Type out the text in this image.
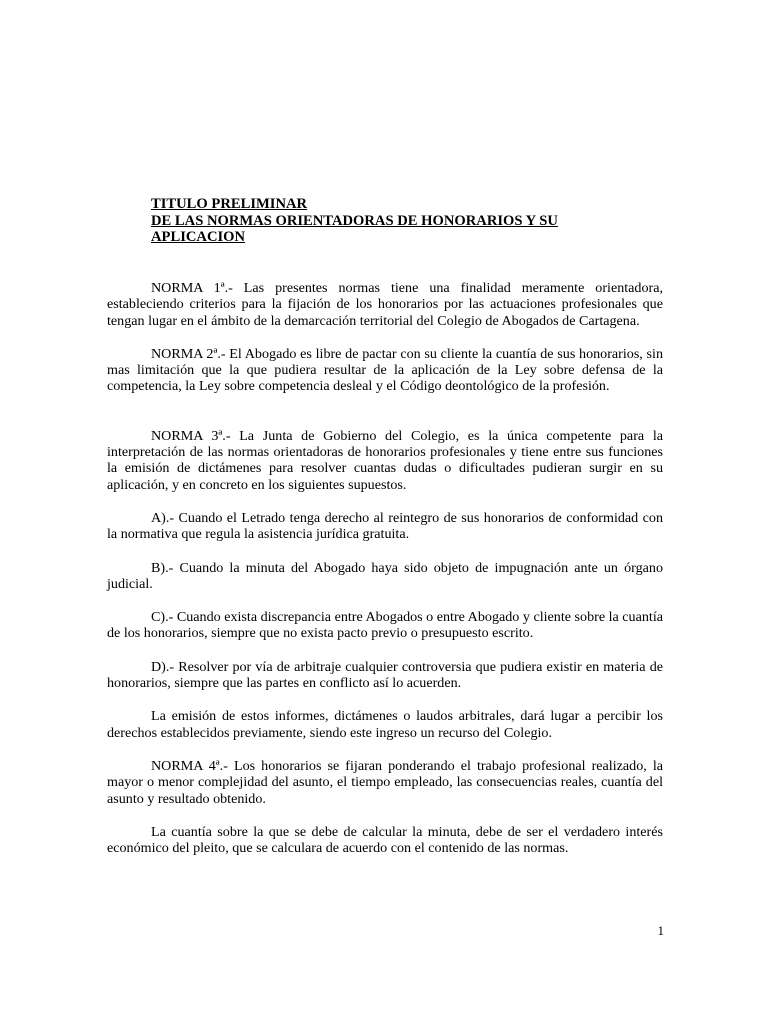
TITULO PRELIMINAR
DE LAS NORMAS ORIENTADORAS DE HONORARIOS Y SU
APLICACION

NORMA 1ª.- Las presentes normas tiene una finalidad meramente orientadora, estableciendo criterios para la fijación de los honorarios por las actuaciones profesionales que tengan lugar en el ámbito de la demarcación territorial del Colegio de Abogados de Cartagena.

NORMA 2ª.- El Abogado es libre de pactar con su cliente la cuantía de sus honorarios, sin mas limitación que la que pudiera resultar de la aplicación de la Ley sobre defensa de la competencia, la Ley sobre competencia desleal y el Código deontológico de la profesión.

NORMA 3ª.- La Junta de Gobierno del Colegio, es la única competente para la interpretación de las normas orientadoras de honorarios profesionales y tiene entre sus funciones la emisión de dictámenes para resolver cuantas dudas o dificultades pudieran surgir en su aplicación, y en concreto en los siguientes supuestos.

A).- Cuando el Letrado tenga derecho al reintegro de sus honorarios de conformidad con la normativa que regula la asistencia jurídica gratuita.

B).- Cuando la minuta del Abogado haya sido objeto de impugnación ante un órgano judicial.

C).- Cuando exista discrepancia entre Abogados o entre Abogado y cliente sobre la cuantía de los honorarios, siempre que no exista pacto previo o presupuesto escrito.

D).- Resolver por vía de arbitraje cualquier controversia que pudiera existir en materia de honorarios, siempre que las partes en conflicto así lo acuerden.

La emisión de estos informes, dictámenes o laudos arbitrales, dará lugar a percibir los derechos establecidos previamente, siendo este ingreso un recurso del Colegio.

NORMA 4ª.- Los honorarios se fijaran ponderando el trabajo profesional realizado, la mayor o menor complejidad del asunto, el tiempo empleado, las consecuencias reales, cuantía del asunto y resultado obtenido.

La cuantía sobre la que se debe de calcular la minuta, debe de ser el verdadero interés económico del pleito, que se calculara de acuerdo con el contenido de las normas.

1
